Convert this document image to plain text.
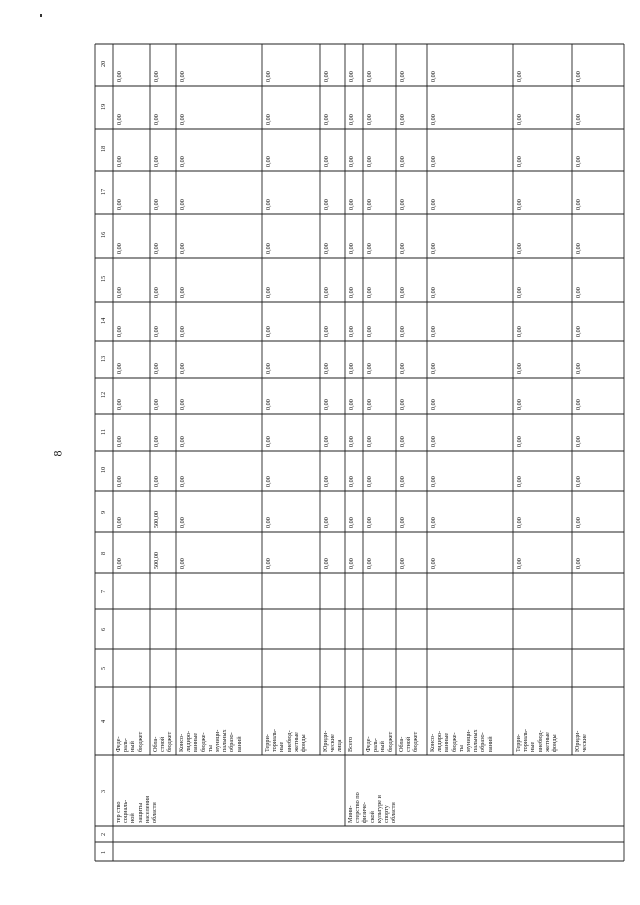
8
1
2
3
4
5
6
7
8
9
10
11
12
13
14
15
16
17
18
19
20
тер ство
социаль-
ной
защиты
населения
области
Феде-
раль-
ный
бюджет
0,00
0,00
0,00
0,00
0,00
0,00
0,00
0,00
0,00
0,00
0,00
0,00
0,00
Обла-
стной
бюджет
500,00
500,00
0,00
0,00
0,00
0,00
0,00
0,00
0,00
0,00
0,00
0,00
0,00
Консо-
лидиро-
ванные
бюдже-
ты
муници-
пальных
образо-
ваний
0,00
0,00
0,00
0,00
0,00
0,00
0,00
0,00
0,00
0,00
0,00
0,00
0,00
Терри-
ториаль-
ные
внебюд-
жетные
фонды
0,00
0,00
0,00
0,00
0,00
0,00
0,00
0,00
0,00
0,00
0,00
0,00
0,00
Юриди-
ческие
лица
0,00
0,00
0,00
0,00
0,00
0,00
0,00
0,00
0,00
0,00
0,00
0,00
0,00
Мини-
стерство по
физиче-
ской
культуре и
спорту
области
Всего
0,00
0,00
0,00
0,00
0,00
0,00
0,00
0,00
0,00
0,00
0,00
0,00
0,00
Феде-
раль-
ный
бюджет
0,00
0,00
0,00
0,00
0,00
0,00
0,00
0,00
0,00
0,00
0,00
0,00
0,00
Обла-
стной
бюджет
0,00
0,00
0,00
0,00
0,00
0,00
0,00
0,00
0,00
0,00
0,00
0,00
0,00
Консо-
лидиро-
ванные
бюдже-
ты
муници-
пальных
образо-
ваний
0,00
0,00
0,00
0,00
0,00
0,00
0,00
0,00
0,00
0,00
0,00
0,00
0,00
Терри-
ториаль-
ные
внебюд-
жетные
фонды
0,00
0,00
0,00
0,00
0,00
0,00
0,00
0,00
0,00
0,00
0,00
0,00
0,00
Юриди-
ческие
0,00
0,00
0,00
0,00
0,00
0,00
0,00
0,00
0,00
0,00
0,00
0,00
0,00
